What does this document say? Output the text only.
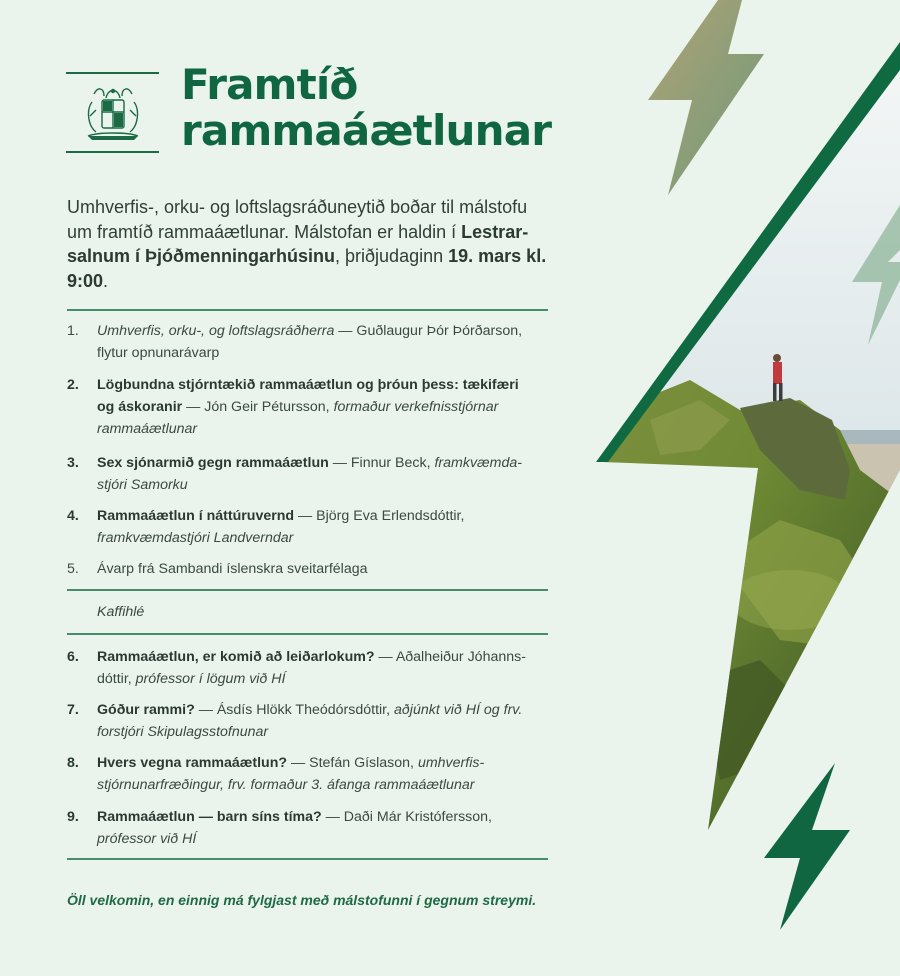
Framtíð
rammaáætlunar
Umhverfis-, orku- og loftslagsráðuneytið boðar til málstofu um framtíð rammaáætlunar. Málstofan er haldin í Lestrar-salnum í Þjóðmenningarhúsinu, þriðjudaginn 19. mars kl. 9:00.
1.	Umhverfis, orku-, og loftslagsráðherra — Guðlaugur Þór Þórðarson,
flytur opnunarávarp
2.	Lögbundna stjórntækið rammaáætlun og þróun þess: tækifæri og áskoranir — Jón Geir Pétursson, formaður verkefnisstjórnar rammaáætlunar
3.	Sex sjónarmið gegn rammaáætlun — Finnur Beck, framkvæmda-stjóri Samorku
4.	Rammaáætlun í náttúruvernd — Björg Eva Erlendsdóttir,
framkvæmdastjóri Landverndar
5.	Ávarp frá Sambandi íslenskra sveitarfélaga
Kaffihlé
6.	Rammaáætlun, er komið að leiðarlokum? — Aðalheiður Jóhanns-dóttir, prófessor í lögum við HÍ
7.	Góður rammi? — Ásdís Hlökk Theódórsdóttir, aðjúnkt við HÍ og frv. forstjóri Skipulagsstofnunar
8.	Hvers vegna rammaáætlun? — Stefán Gíslason, umhverfis-stjórnunarfræðingur, frv. formaður 3. áfanga rammaáætlunar
9.	Rammaáætlun — barn síns tíma? — Daði Már Kristófersson,
prófessor við HÍ
Öll velkomin, en einnig má fylgjast með málstofunni í gegnum streymi.
